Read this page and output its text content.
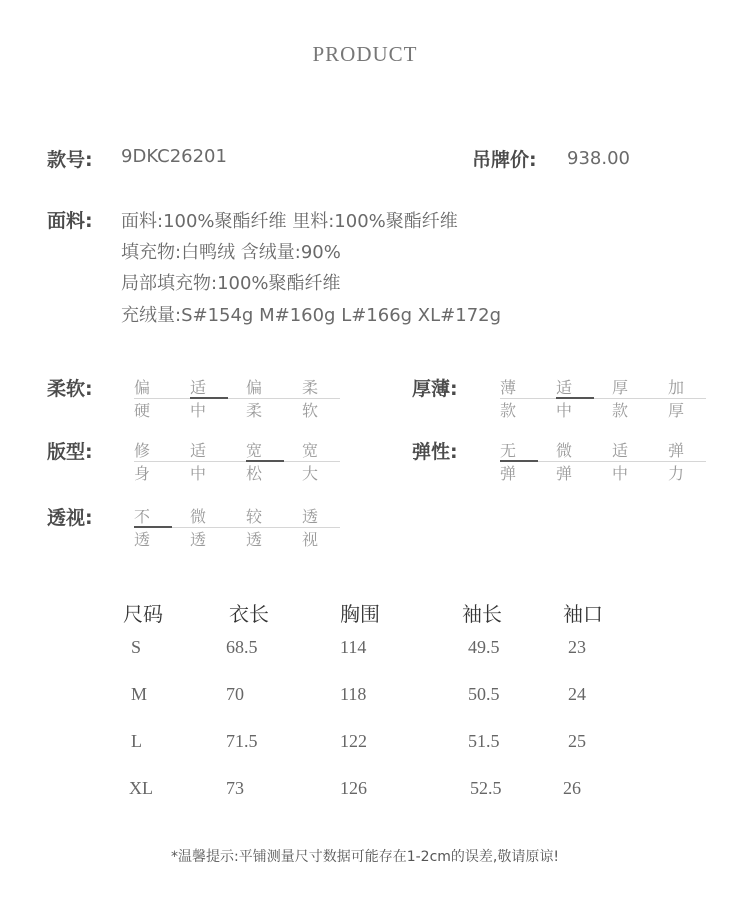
PRODUCT
款号: 9DKC26201	吊牌价: 938.00
面料: 面料:100%聚酯纤维 里料:100%聚酯纤维
填充物:白鸭绒 含绒量:90%
局部填充物:100%聚酯纤维
充绒量:S#154g M#160g L#166g XL#172g
柔软:	偏硬
适中
偏柔
柔软
厚薄:	薄款
适中
厚款
加厚
版型:	修身
适中
宽松
宽大
弹性:	无弹
微弹
适中
弹力
透视:	不透
微透
较透
透视
尺码	衣长	胸围	袖长	袖口
S	68.5	114	49.5	23
M	70	118	50.5	24
L	71.5	122	51.5	25
XL	73	126	52.5	26
*温馨提示:平铺测量尺寸数据可能存在1-2cm的误差,敬请原谅!
